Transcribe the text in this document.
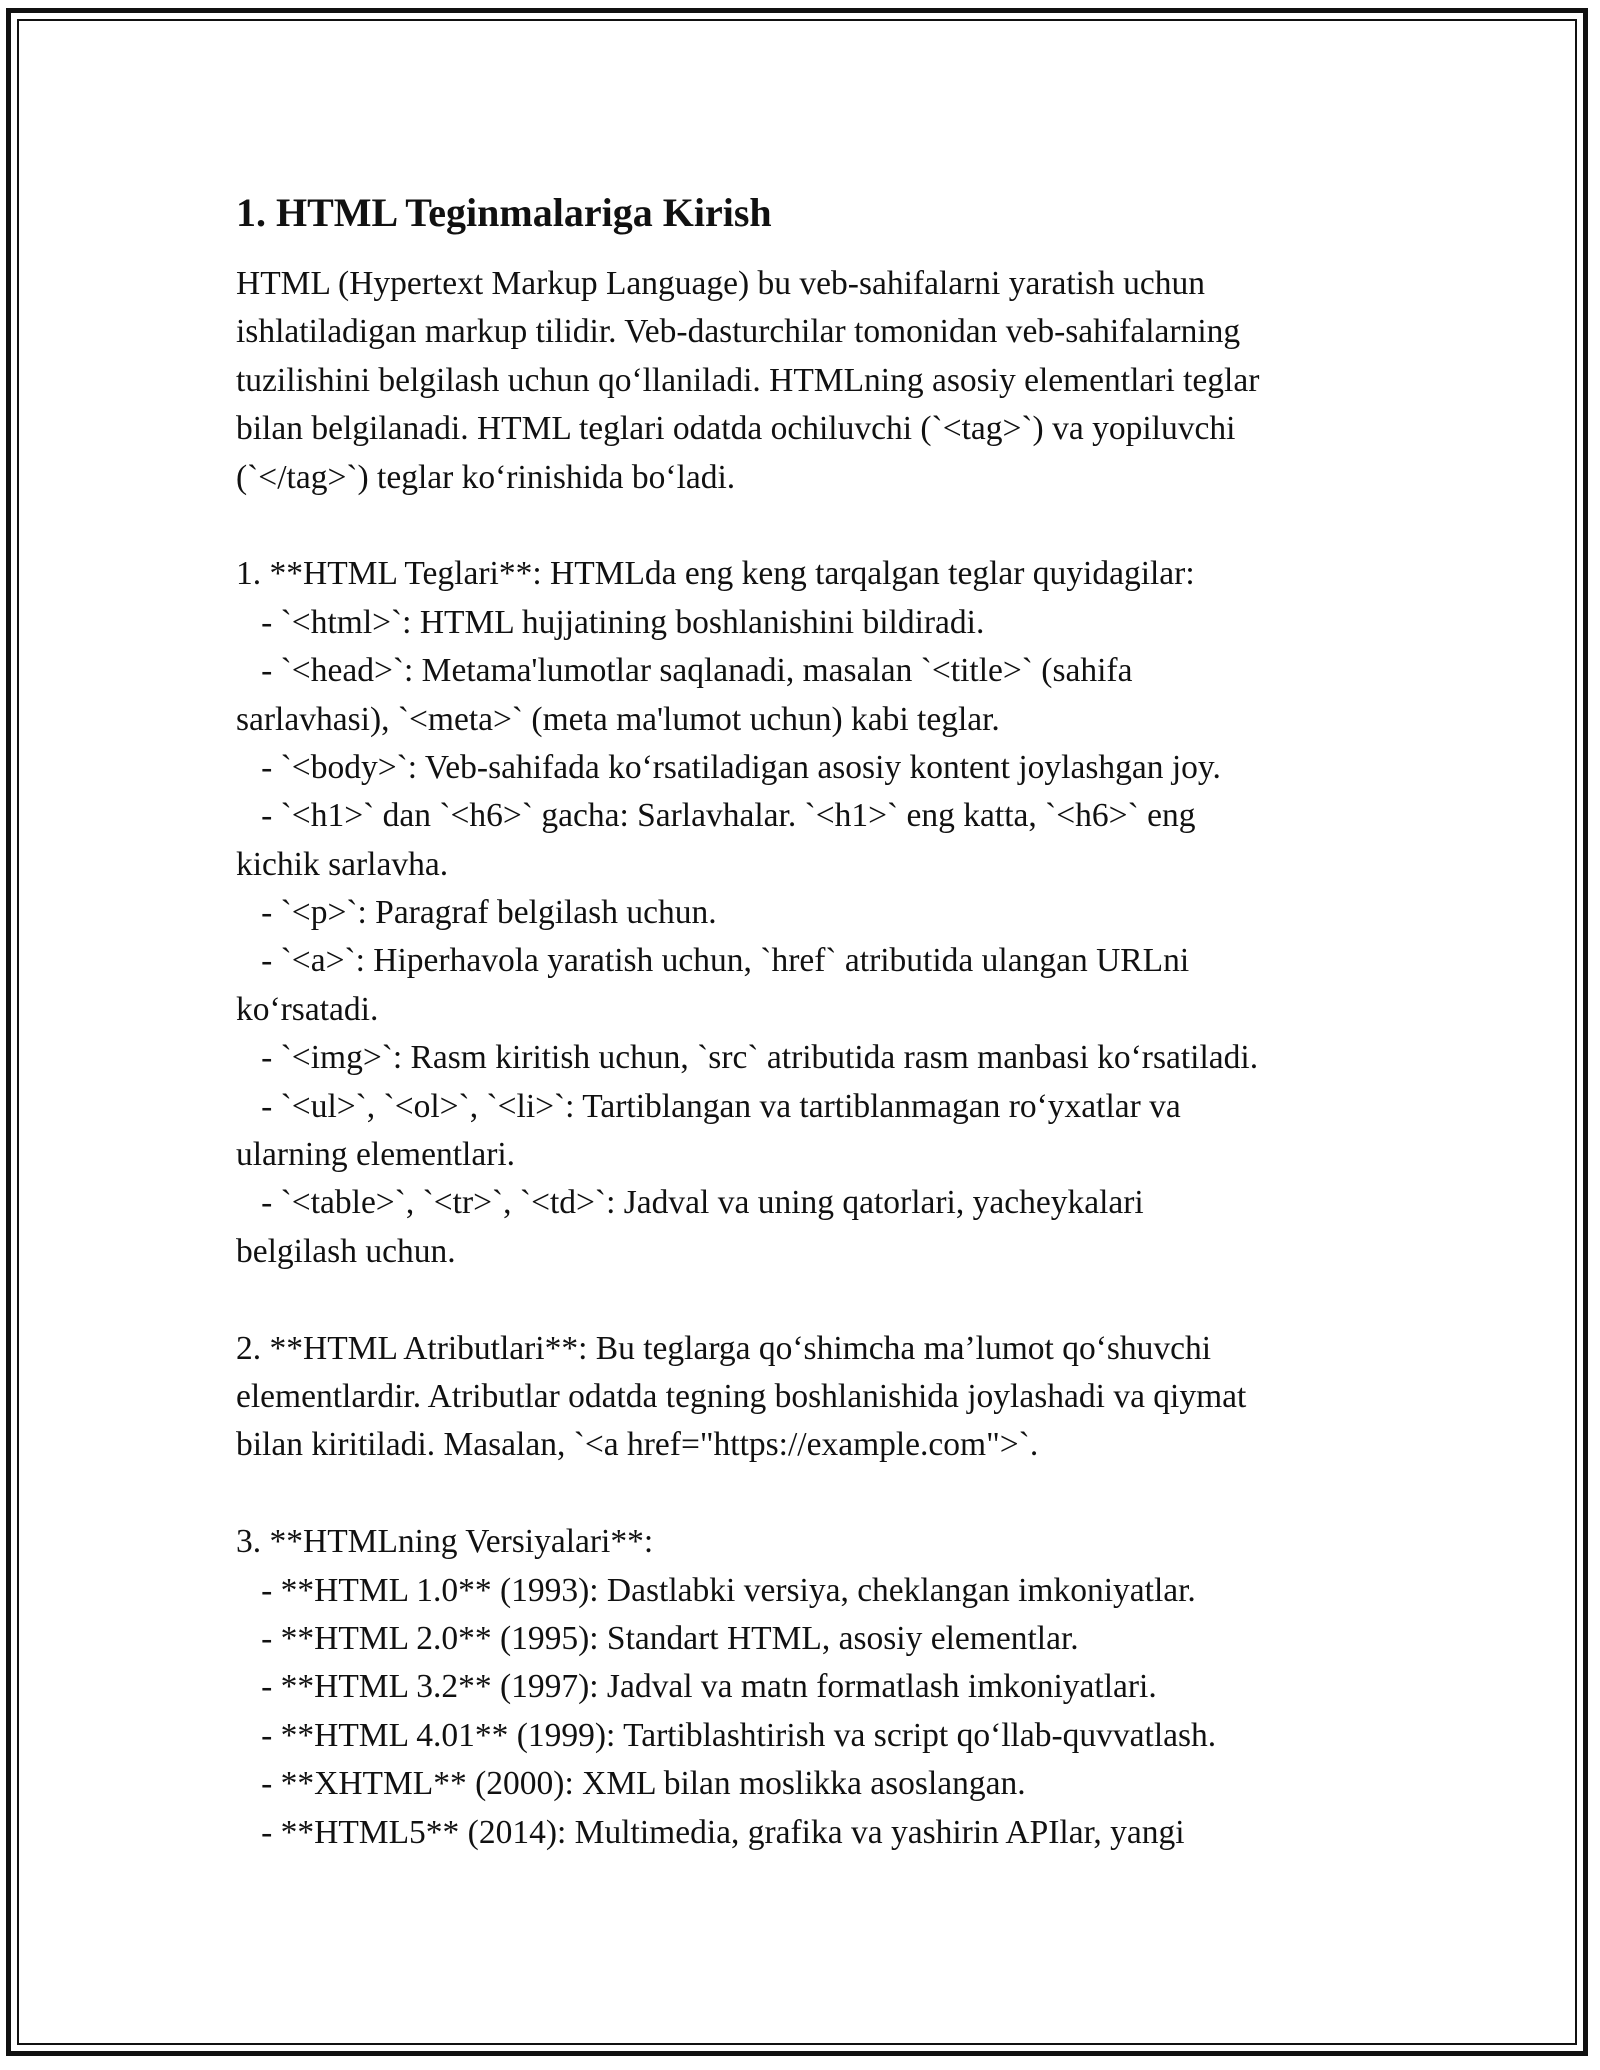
1. HTML Teginmalariga Kirish
HTML (Hypertext Markup Language) bu veb-sahifalarni yaratish uchun
ishlatiladigan markup tilidir. Veb-dasturchilar tomonidan veb-sahifalarning
tuzilishini belgilash uchun qo‘llaniladi. HTMLning asosiy elementlari teglar
bilan belgilanadi. HTML teglari odatda ochiluvchi (`<tag>`) va yopiluvchi
(`</tag>`) teglar ko‘rinishida bo‘ladi.
1. **HTML Teglari**: HTMLda eng keng tarqalgan teglar quyidagilar:
- `<html>`: HTML hujjatining boshlanishini bildiradi.
- `<head>`: Metama'lumotlar saqlanadi, masalan `<title>` (sahifa
sarlavhasi), `<meta>` (meta ma'lumot uchun) kabi teglar.
- `<body>`: Veb-sahifada ko‘rsatiladigan asosiy kontent joylashgan joy.
- `<h1>` dan `<h6>` gacha: Sarlavhalar. `<h1>` eng katta, `<h6>` eng
kichik sarlavha.
- `<p>`: Paragraf belgilash uchun.
- `<a>`: Hiperhavola yaratish uchun, `href` atributida ulangan URLni
ko‘rsatadi.
- `<img>`: Rasm kiritish uchun, `src` atributida rasm manbasi ko‘rsatiladi.
- `<ul>`, `<ol>`, `<li>`: Tartiblangan va tartiblanmagan ro‘yxatlar va
ularning elementlari.
- `<table>`, `<tr>`, `<td>`: Jadval va uning qatorlari, yacheykalari
belgilash uchun.
2. **HTML Atributlari**: Bu teglarga qo‘shimcha ma’lumot qo‘shuvchi
elementlardir. Atributlar odatda tegning boshlanishida joylashadi va qiymat
bilan kiritiladi. Masalan, `<a href="https://example.com">`.
3. **HTMLning Versiyalari**:
- **HTML 1.0** (1993): Dastlabki versiya, cheklangan imkoniyatlar.
- **HTML 2.0** (1995): Standart HTML, asosiy elementlar.
- **HTML 3.2** (1997): Jadval va matn formatlash imkoniyatlari.
- **HTML 4.01** (1999): Tartiblashtirish va script qo‘llab-quvvatlash.
- **XHTML** (2000): XML bilan moslikka asoslangan.
- **HTML5** (2014): Multimedia, grafika va yashirin APIlar, yangi
